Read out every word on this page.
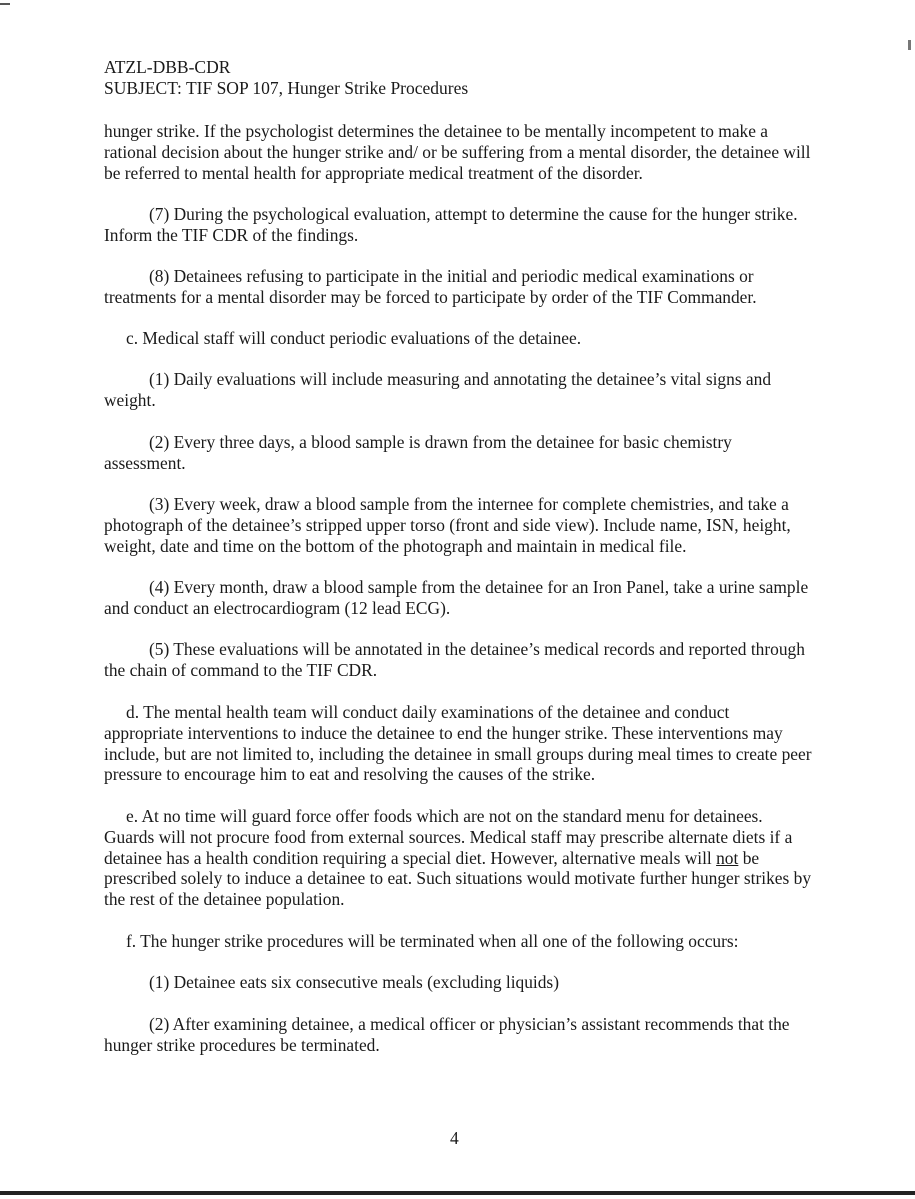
ATZL-DBB-CDR
SUBJECT: TIF SOP 107, Hunger Strike Procedures

hunger strike. If the psychologist determines the detainee to be mentally incompetent to make a rational decision about the hunger strike and/ or be suffering from a mental disorder, the detainee will be referred to mental health for appropriate medical treatment of the disorder.

(7) During the psychological evaluation, attempt to determine the cause for the hunger strike. Inform the TIF CDR of the findings.

(8) Detainees refusing to participate in the initial and periodic medical examinations or treatments for a mental disorder may be forced to participate by order of the TIF Commander.

c. Medical staff will conduct periodic evaluations of the detainee.

(1) Daily evaluations will include measuring and annotating the detainee’s vital signs and weight.

(2) Every three days, a blood sample is drawn from the detainee for basic chemistry assessment.

(3) Every week, draw a blood sample from the internee for complete chemistries, and take a photograph of the detainee’s stripped upper torso (front and side view). Include name, ISN, height, weight, date and time on the bottom of the photograph and maintain in medical file.

(4) Every month, draw a blood sample from the detainee for an Iron Panel, take a urine sample and conduct an electrocardiogram (12 lead ECG).

(5) These evaluations will be annotated in the detainee’s medical records and reported through the chain of command to the TIF CDR.

d. The mental health team will conduct daily examinations of the detainee and conduct appropriate interventions to induce the detainee to end the hunger strike. These interventions may include, but are not limited to, including the detainee in small groups during meal times to create peer pressure to encourage him to eat and resolving the causes of the strike.

e. At no time will guard force offer foods which are not on the standard menu for detainees. Guards will not procure food from external sources. Medical staff may prescribe alternate diets if a detainee has a health condition requiring a special diet. However, alternative meals will not be prescribed solely to induce a detainee to eat. Such situations would motivate further hunger strikes by the rest of the detainee population.

f. The hunger strike procedures will be terminated when all one of the following occurs:

(1) Detainee eats six consecutive meals (excluding liquids)

(2) After examining detainee, a medical officer or physician’s assistant recommends that the hunger strike procedures be terminated.

4
